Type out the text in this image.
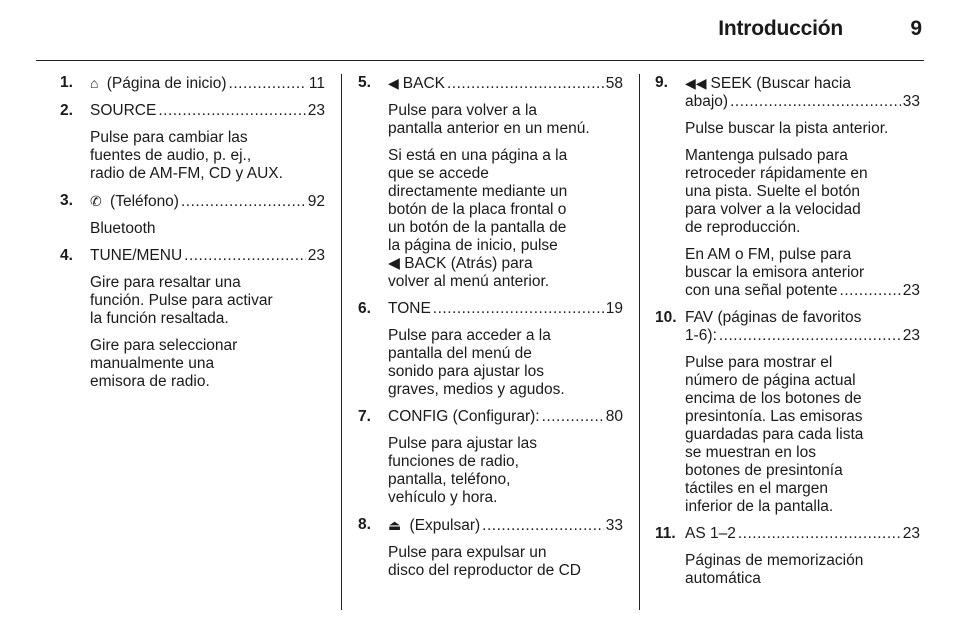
Introducción	9
1. ⌂ (Página de inicio) .....	11
2. SOURCE .....	23
Pulse para cambiar las
fuentes de audio, p. ej.,
radio de AM-FM, CD y AUX.
3. ✆ (Teléfono) .....	92
Bluetooth
4. TUNE/MENU .....	23
Gire para resaltar una
función. Pulse para activar
la función resaltada.
Gire para seleccionar
manualmente una
emisora de radio.
5. ◀ BACK .....	58
Pulse para volver a la
pantalla anterior en un menú.
Si está en una página a la
que se accede
directamente mediante un
botón de la placa frontal o
un botón de la pantalla de
la página de inicio, pulse
◀ BACK (Atrás) para
volver al menú anterior.
6. TONE .....	19
Pulse para acceder a la
pantalla del menú de
sonido para ajustar los
graves, medios y agudos.
7. CONFIG (Configurar): .....	80
Pulse para ajustar las
funciones de radio,
pantalla, teléfono,
vehículo y hora.
8. ⏏ (Expulsar) .....	33
Pulse para expulsar un
disco del reproductor de CD
9. ◀◀ SEEK (Buscar hacia
abajo) .....	33
Pulse buscar la pista anterior.
Mantenga pulsado para
retroceder rápidamente en
una pista. Suelte el botón
para volver a la velocidad
de reproducción.
En AM o FM, pulse para
buscar la emisora anterior
con una señal potente .....	23
10. FAV (páginas de favoritos
1-6): .....	23
Pulse para mostrar el
número de página actual
encima de los botones de
presintonía. Las emisoras
guardadas para cada lista
se muestran en los
botones de presintonía
táctiles en el margen
inferior de la pantalla.
11. AS 1–2 .....	23
Páginas de memorización
automática
